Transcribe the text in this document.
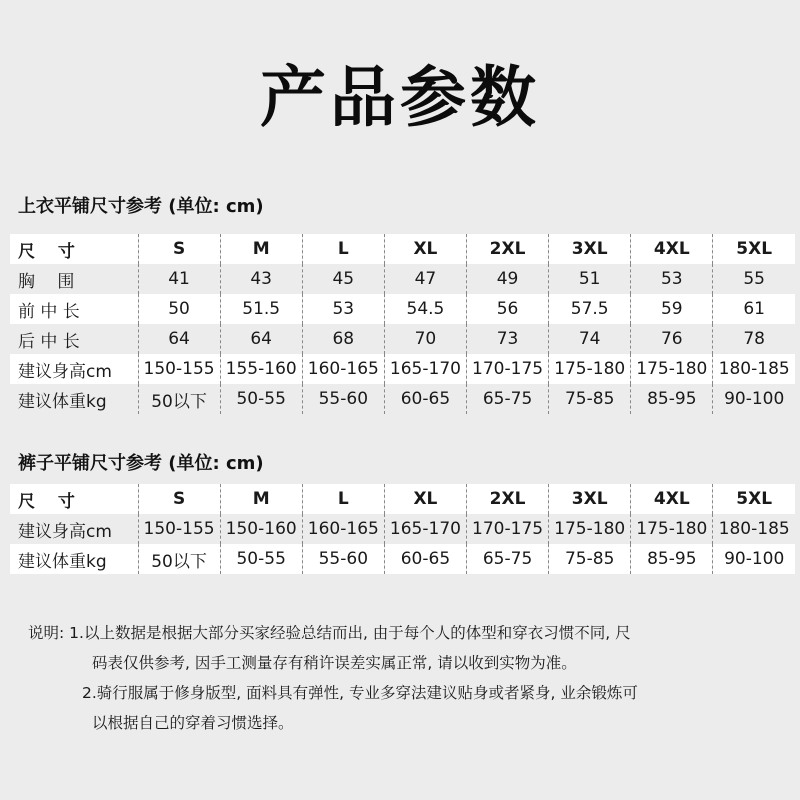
产品参数
上衣平铺尺寸参考 (单位: cm)
尺　 寸	S	M	L	XL	2XL	3XL	4XL	5XL
胸　 围	41	43	45	47	49	51	53	55
前 中 长	50	51.5	53	54.5	56	57.5	59	61
后 中 长	64	64	68	70	73	74	76	78
建议身高cm	150-155	155-160	160-165	165-170	170-175	175-180	175-180	180-185
建议体重kg	50以下	50-55	55-60	60-65	65-75	75-85	85-95	90-100
裤子平铺尺寸参考 (单位: cm)
尺　 寸	S	M	L	XL	2XL	3XL	4XL	5XL
建议身高cm	150-155	150-160	160-165	165-170	170-175	175-180	175-180	180-185
建议体重kg	50以下	50-55	55-60	60-65	65-75	75-85	85-95	90-100
说明: 1.以上数据是根据大部分买家经验总结而出, 由于每个人的体型和穿衣习惯不同, 尺
码表仅供参考, 因手工测量存有稍许误差实属正常, 请以收到实物为准。
2.骑行服属于修身版型, 面料具有弹性, 专业多穿法建议贴身或者紧身, 业余锻炼可
以根据自己的穿着习惯选择。
